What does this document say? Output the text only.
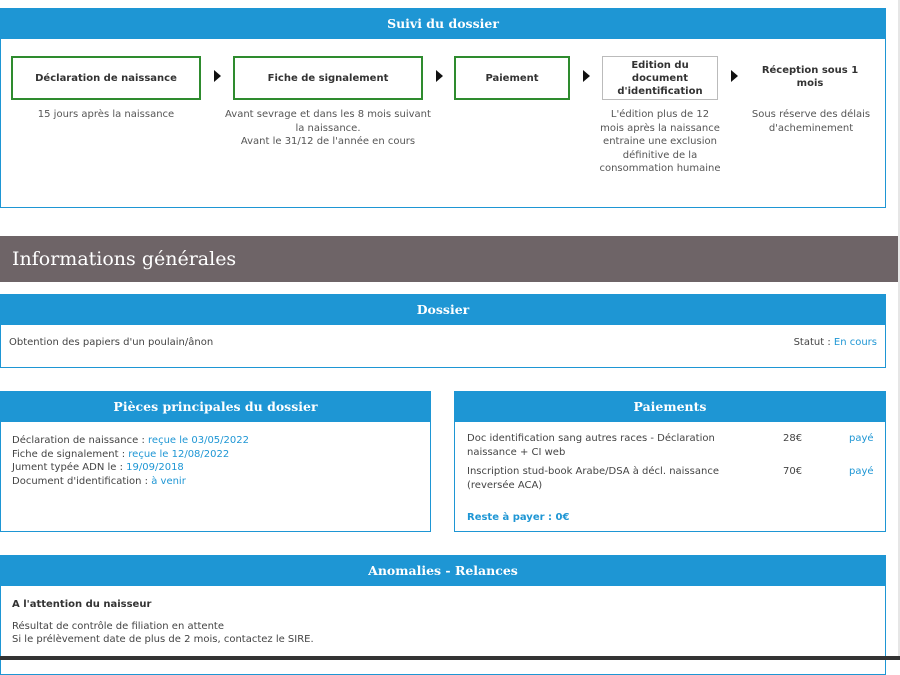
Suivi du dossier
Déclaration de naissance	Fiche de signalement	Paiement
Edition du document d'identification
Réception sous 1 mois
15 jours après la naissance	Avant sevrage et dans les 8 mois suivant la naissance.
Avant le 31/12 de l'année en cours
L'édition plus de 12 mois après la naissance entraine une exclusion définitive de la consommation humaine
Sous réserve des délais d'acheminement
Informations générales
Dossier
Obtention des papiers d'un poulain/ânon	Statut : En cours
Pièces principales du dossier
Déclaration de naissance : reçue le 03/05/2022
Fiche de signalement : reçue le 12/08/2022
Jument typée ADN le : 19/09/2018
Document d'identification : à venir
Paiements
Doc identification sang autres races - Déclaration naissance + CI web
28€	payé
Inscription stud-book Arabe/DSA à décl. naissance (reversée ACA)
70€	payé
Reste à payer : 0€
Anomalies - Relances
A l'attention du naisseur
Résultat de contrôle de filiation en attente
Si le prélèvement date de plus de 2 mois, contactez le SIRE.
